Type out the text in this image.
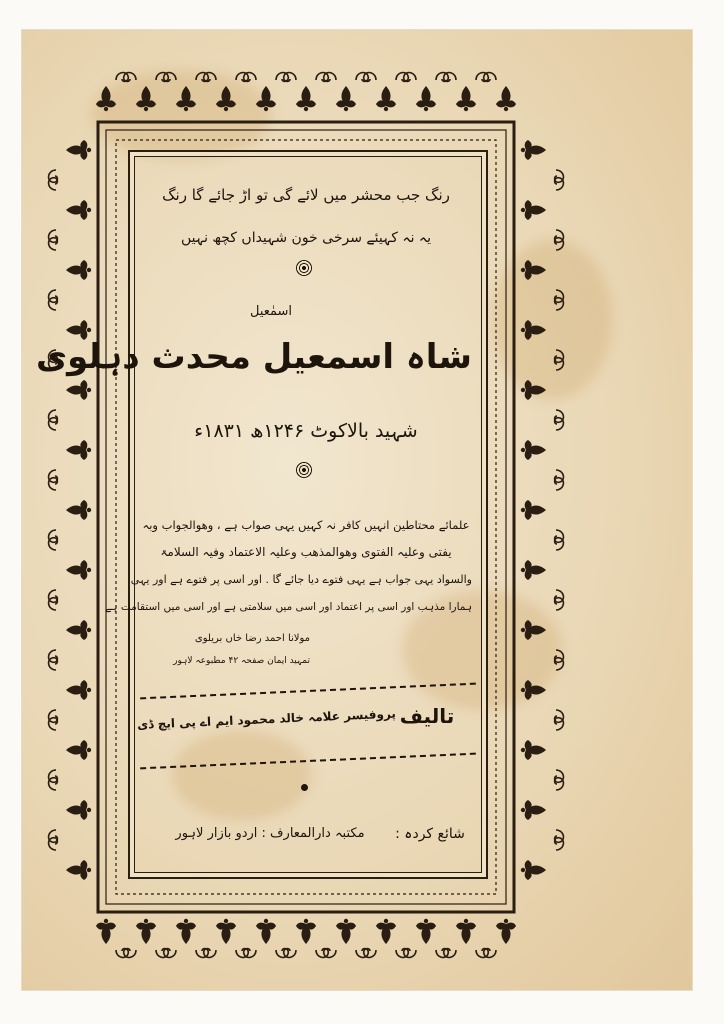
رنگ جب محشر میں لائے گی تو اڑ جائے گا رنگ
یہ نہ کہیئے سرخی خون شہیداں کچھ نہیں
اسمٰعیل
شاہ اسمعیل محدث دہلوی
شہید بالاکوٹ ۱۲۴۶ھ ۱۸۳۱ء
علمائے محتاطین انہیں کافر نہ کہیں یہی صواب ہے ، وھوالجواب وبہ
یفتی وعلیہ الفتوی وھوالمذھب وعلیہ الاعتماد وفیہ السلامۃ
والسواد یہی جواب ہے یہی فتوے دیا جائے گا . اور اسی پر فتوے ہے اور یہی
ہمارا مذہب اور اسی پر اعتماد اور اسی میں سلامتی ہے اور اسی میں استقامت ہے
مولانا احمد رضا خاں بریلوی
تمہید ایمان صفحہ ۴۲ مطبوعہ لاہور
تالیف
پروفیسر علامہ خالد محمود ایم اے پی ایچ ڈی
شائع کردہ :
مکتبہ دارالمعارف : اردو بازار لاہور
